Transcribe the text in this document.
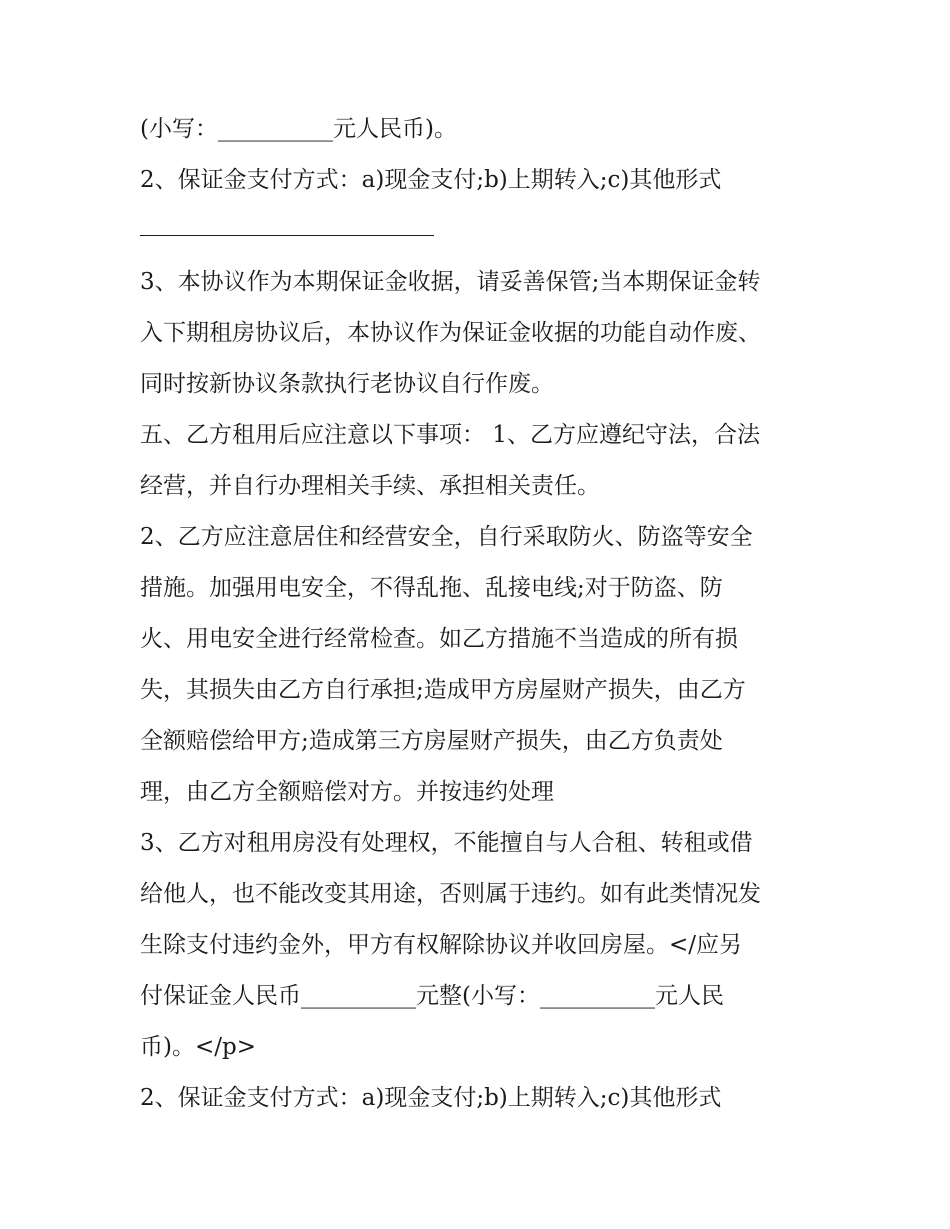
(小写：__________元人民币)。
2、保证金支付方式：a)现金支付;b)上期转入;c)其他形式
3、本协议作为本期保证金收据，请妥善保管;当本期保证金转
入下期租房协议后，本协议作为保证金收据的功能自动作废、
同时按新协议条款执行老协议自行作废。
五、乙方租用后应注意以下事项： 1、乙方应遵纪守法，合法
经营，并自行办理相关手续、承担相关责任。
2、乙方应注意居住和经营安全，自行采取防火、防盗等安全
措施。加强用电安全，不得乱拖、乱接电线;对于防盗、防
火、用电安全进行经常检查。如乙方措施不当造成的所有损
失，其损失由乙方自行承担;造成甲方房屋财产损失，由乙方
全额赔偿给甲方;造成第三方房屋财产损失，由乙方负责处
理，由乙方全额赔偿对方。并按违约处理
3、乙方对租用房没有处理权，不能擅自与人合租、转租或借
给他人，也不能改变其用途，否则属于违约。如有此类情况发
生除支付违约金外，甲方有权解除协议并收回房屋。</应另
付保证金人民币__________元整(小写：__________元人民
币)。</p>
2、保证金支付方式：a)现金支付;b)上期转入;c)其他形式
